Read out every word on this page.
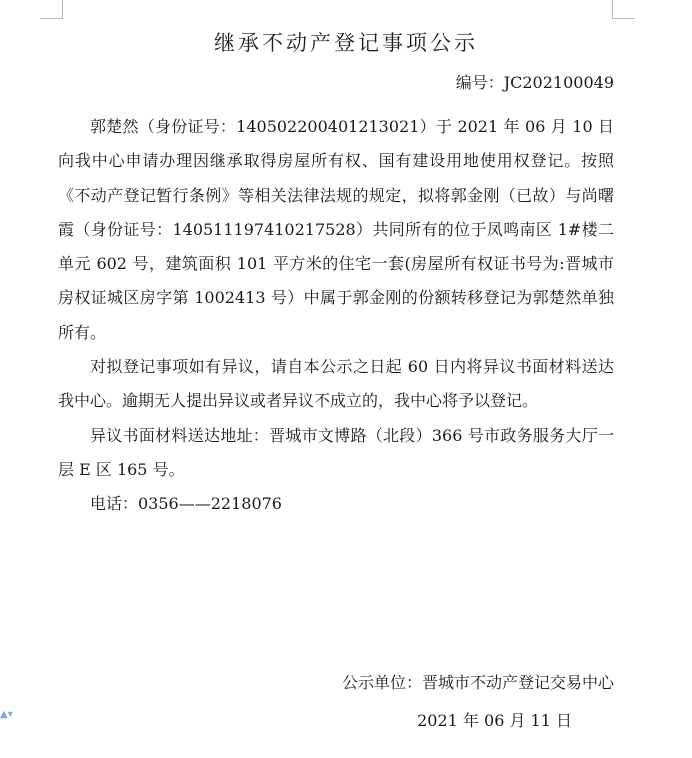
继承不动产登记事项公示
编号：JC202100049

郭楚然（身份证号：140502200401213021）于 2021 年 06 月 10 日向我中心申请办理因继承取得房屋所有权、国有建设用地使用权登记。按照《不动产登记暂行条例》等相关法律法规的规定，拟将郭金刚（已故）与尚曙霞（身份证号：140511197410217528）共同所有的位于凤鸣南区 1#楼二单元 602 号，建筑面积 101 平方米的住宅一套(房屋所有权证书号为:晋城市房权证城区房字第 1002413 号）中属于郭金刚的份额转移登记为郭楚然单独所有。

对拟登记事项如有异议，请自本公示之日起 60 日内将异议书面材料送达我中心。逾期无人提出异议或者异议不成立的，我中心将予以登记。

异议书面材料送达地址：晋城市文博路（北段）366 号市政务服务大厅一层 E 区 165 号。

电话：0356——2218076

公示单位：晋城市不动产登记交易中心
2021 年 06 月 11 日
▲▾
